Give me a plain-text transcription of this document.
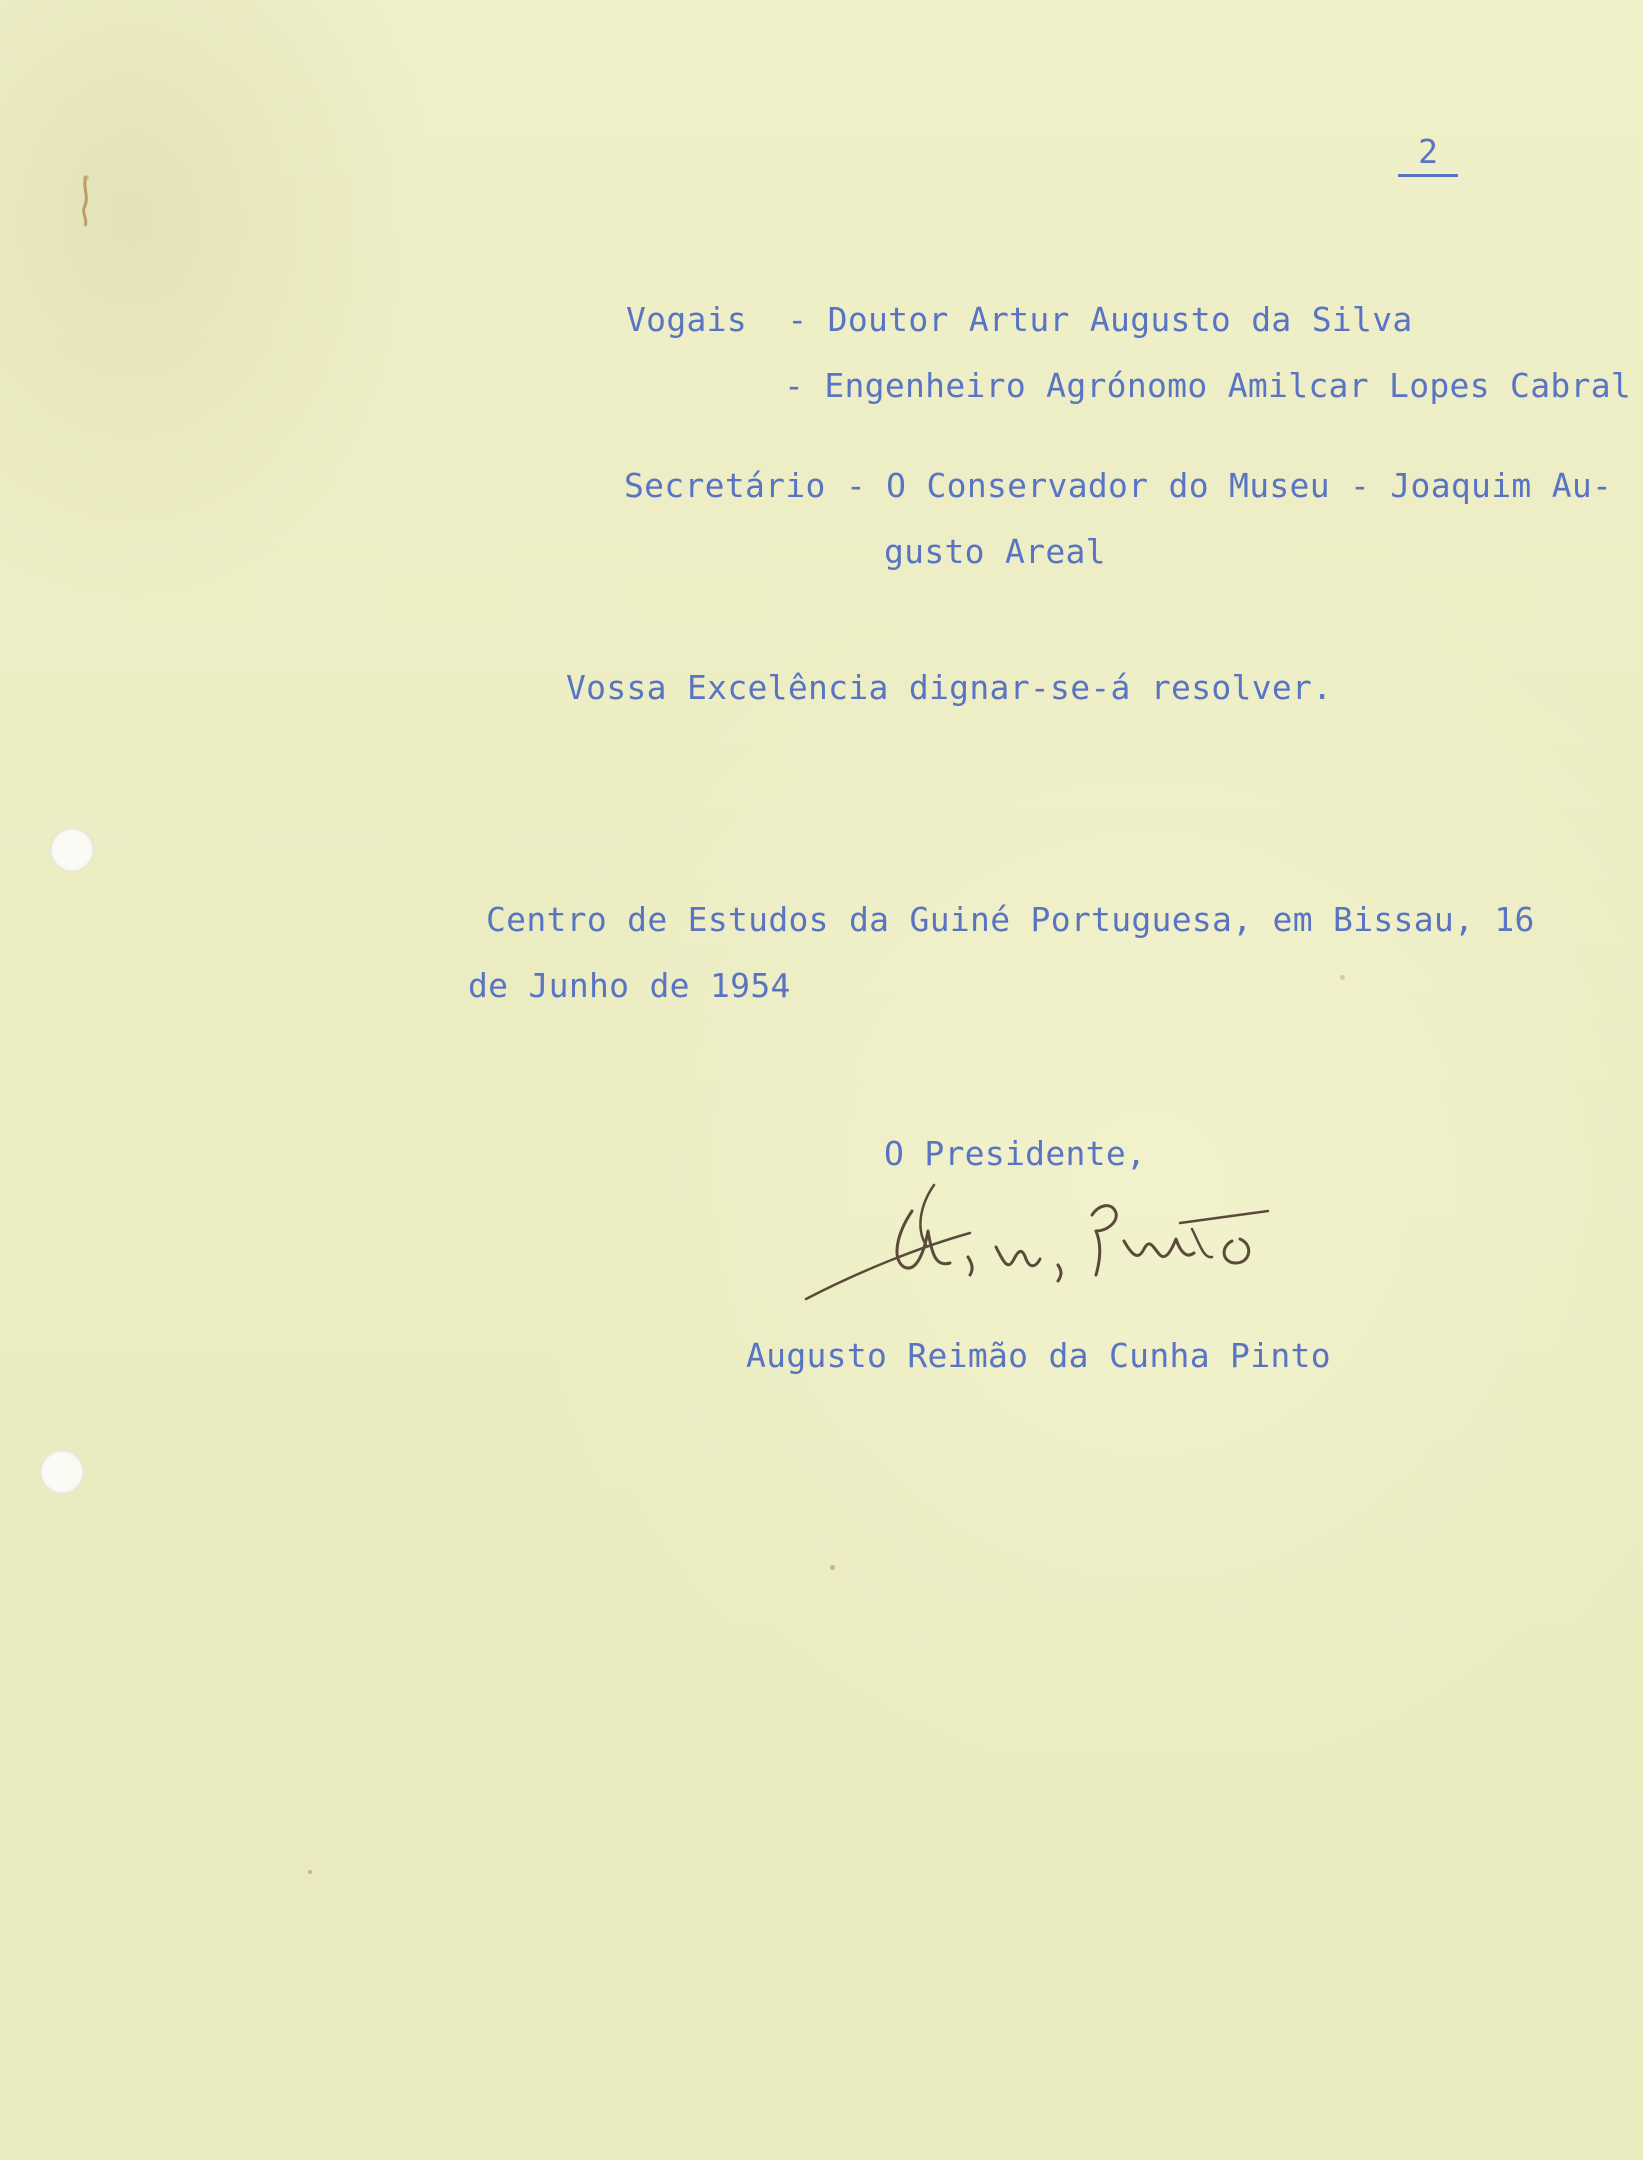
2
Vogais  - Doutor Artur Augusto da Silva
- Engenheiro Agrónomo Amilcar Lopes Cabral
Secretário - O Conservador do Museu - Joaquim Au-
gusto Areal
Vossa Excelência dignar-se-á resolver.
Centro de Estudos da Guiné Portuguesa, em Bissau, 16
de Junho de 1954
O Presidente,
Augusto Reimão da Cunha Pinto
